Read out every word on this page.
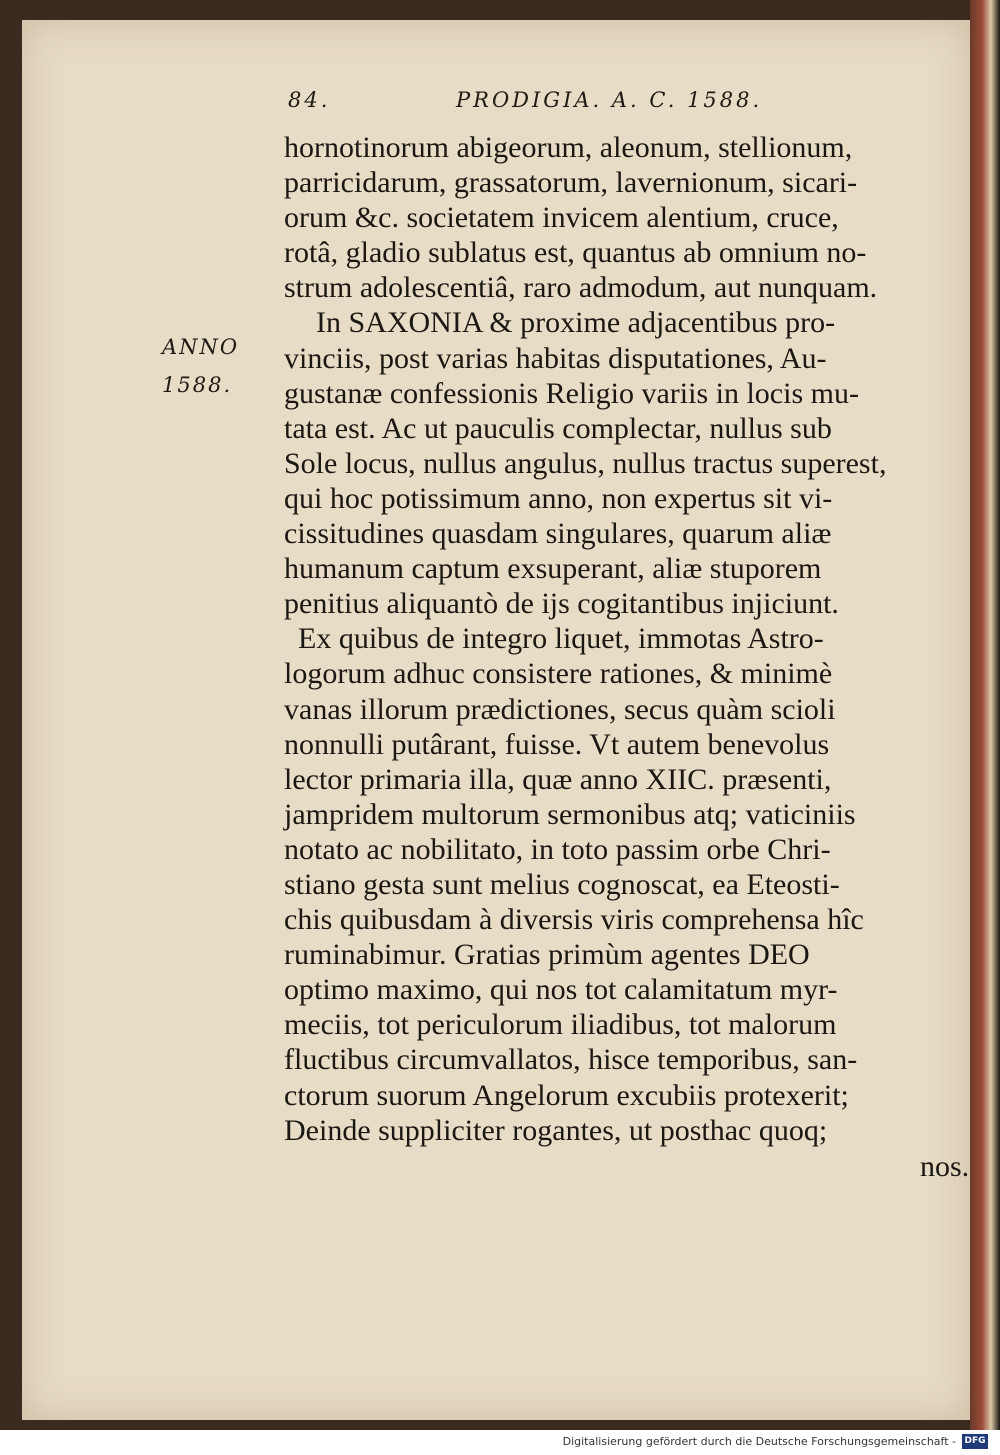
84.	PRODIGIA. A. C. 1588.
ANNO
1588.
hornotinorum abigeorum, aleonum, stellionum,
parricidarum, grassatorum, lavernionum, sicari-
orum &c. societatem invicem alentium, cruce,
rotâ, gladio sublatus est, quantus ab omnium no-
strum adolescentiâ, raro admodum, aut nunquam.
In SAXONIA & proxime adjacentibus pro-
vinciis, post varias habitas disputationes, Au-
gustanæ confessionis Religio variis in locis mu-
tata est. Ac ut pauculis complectar, nullus sub
Sole locus, nullus angulus, nullus tractus superest,
qui hoc potissimum anno, non expertus sit vi-
cissitudines quasdam singulares, quarum aliæ
humanum captum exsuperant, aliæ stuporem
penitius aliquantò de ijs cogitantibus injiciunt.
Ex quibus de integro liquet, immotas Astro-
logorum adhuc consistere rationes, & minimè
vanas illorum prædictiones, secus quàm scioli
nonnulli putârant, fuisse. Vt autem benevolus
lector primaria illa, quæ anno XIIC. præsenti,
jampridem multorum sermonibus atq; vaticiniis
notato ac nobilitato, in toto passim orbe Chri-
stiano gesta sunt melius cognoscat, ea Eteosti-
chis quibusdam à diversis viris comprehensa hîc
ruminabimur. Gratias primùm agentes DEO
optimo maximo, qui nos tot calamitatum myr-
meciis, tot periculorum iliadibus, tot malorum
fluctibus circumvallatos, hisce temporibus, san-
ctorum suorum Angelorum excubiis protexerit;
Deinde suppliciter rogantes, ut posthac quoq;
nos.
Digitalisierung gefördert durch die Deutsche Forschungsgemeinschaft - DFG
